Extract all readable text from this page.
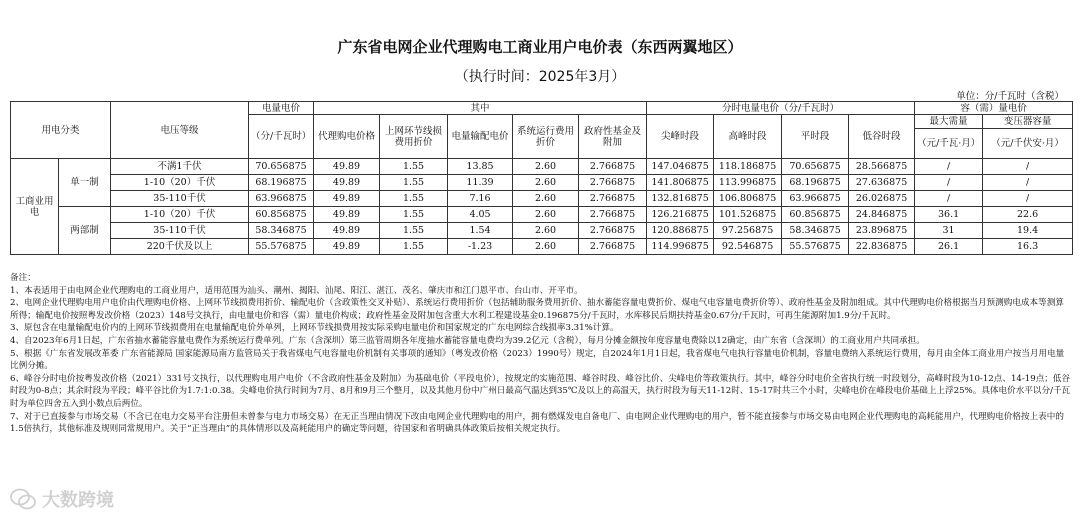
广东省电网企业代理购电工商业用户电价表（东西两翼地区）
（执行时间：2025年3月）
单位：分/千瓦时（含税）
用电分类		电压等级	电量电价	其中					分时电量电价（分/千瓦时）				容（需）量电价	
			（分/千瓦时）	代理购电价格	上网环节线损费用折价	电量输配电价	系统运行费用折价	政府性基金及附加	尖峰时段	高峰时段	平时段	低谷时段	最大需量	变压器容量
													（元/千瓦·月）	（元/千伏安·月）
工商业用电	单一制	不满1千伏	70.656875	49.89	1.55	13.85	2.60	2.766875	147.046875	118.186875	70.656875	28.566875	/	/
		1-10（20）千伏	68.196875	49.89	1.55	11.39	2.60	2.766875	141.806875	113.996875	68.196875	27.636875	/	/
		35-110千伏	63.966875	49.89	1.55	7.16	2.60	2.766875	132.816875	106.806875	63.966875	26.026875	/	/
	两部制	1-10（20）千伏	60.856875	49.89	1.55	4.05	2.60	2.766875	126.216875	101.526875	60.856875	24.846875	36.1	22.6
		35-110千伏	58.346875	49.89	1.55	1.54	2.60	2.766875	120.886875	97.256875	58.346875	23.896875	31	19.4
		220千伏及以上	55.576875	49.89	1.55	-1.23	2.60	2.766875	114.996875	92.546875	55.576875	22.836875	26.1	16.3

备注：

1、本表适用于由电网企业代理购电的工商业用户，适用范围为汕头、潮州、揭阳、汕尾、阳江、湛江、茂名、肇庆市和江门恩平市、台山市、开平市。

2、电网企业代理购电用户电价由代理购电价格、上网环节线损费用折价、输配电价（含政策性交叉补贴）、系统运行费用折价（包括辅助服务费用折价、抽水蓄能容量电费折价、煤电气电容量电费折价等）、政府性基金及附加组成。其中代理购电价格根据当月预测购电成本等测算所得；输配电价按照粤发改价格（2023）148号文执行，由电量电价和容（需）量电价构成；政府性基金及附加包含重大水利工程建设基金0.196875分/千瓦时，水库移民后期扶持基金0.67分/千瓦时，可再生能源附加1.9分/千瓦时。

3、原包含在电量输配电价内的上网环节线损费用在电量输配电价外单列，上网环节线损费用按实际采购电量电价和国家规定的广东电网综合线损率3.31%计算。

4、自2023年6月1日起，广东省抽水蓄能容量电费作为系统运行费单列。广东（含深圳）第三监管周期各年度抽水蓄能容量电费均为39.2亿元（含税），每月分摊金额按年度容量电费除以12确定，由广东省（含深圳）的工商业用户共同承担。

5、根据《广东省发展改革委 广东省能源局 国家能源局南方监管局关于我省煤电气电容量电价机制有关事项的通知》（粤发改价格（2023）1990号）规定，自2024年1月1日起，我省煤电气电执行容量电价机制，容量电费纳入系统运行费用，每月由全体工商业用户按当月用电量比例分摊。

6、峰谷分时电价按粤发改价格（2021）331号文执行，以代理购电用户电价（不含政府性基金及附加）为基础电价（平段电价），按规定的实施范围、峰谷时段、峰谷比价、尖峰电价等政策执行。其中，峰谷分时电价全省执行统一时段划分，高峰时段为10-12点、14-19点；低谷时段为0-8点；其余时段为平段；峰平谷比价为1.7:1:0.38。尖峰电价执行时间为7月、8月和9月三个整月，以及其他月份中广州日最高气温达到35℃及以上的高温天，执行时段为每天11-12时、15-17时共三个小时，尖峰电价在峰段电价基础上上浮25%。具体电价水平以分/千瓦时为单位四舍五入到小数点后两位。

7、对于已直接参与市场交易（不含已在电力交易平台注册但未曾参与电力市场交易）在无正当理由情况下改由电网企业代理购电的用户，拥有燃煤发电自备电厂、由电网企业代理购电的用户，暂不能直接参与市场交易由电网企业代理购电的高耗能用户，代理购电价格按上表中的1.5倍执行，其他标准及规则同常规用户。关于“正当理由”的具体情形以及高耗能用户的确定等问题，待国家和省明确具体政策后按相关规定执行。

大数跨境
